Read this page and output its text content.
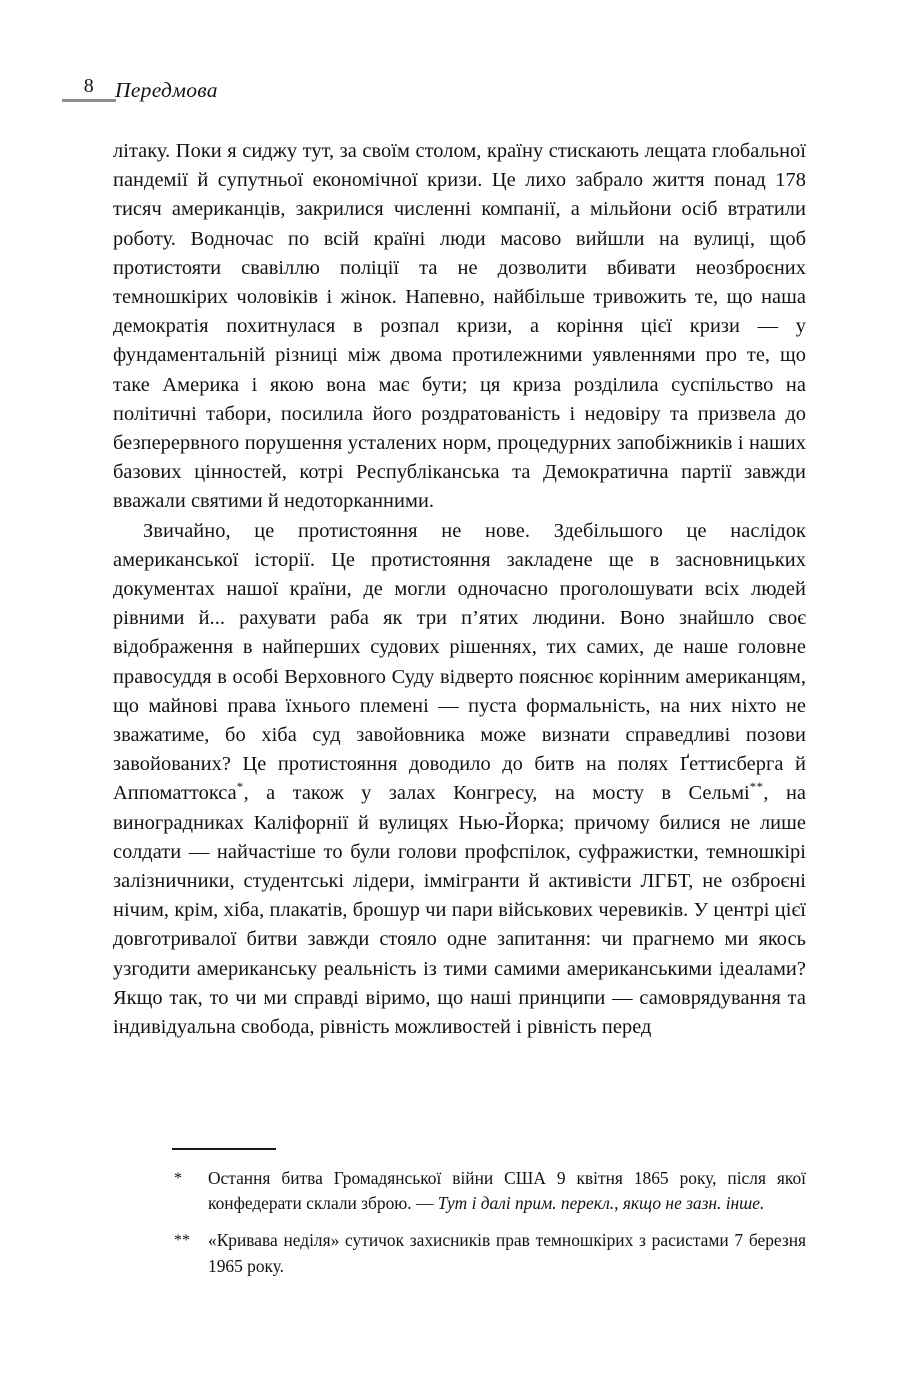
8 Передмова

літаку. Поки я сиджу тут, за своїм столом, країну стискають лещата глобальної пандемії й супутньої економічної кризи. Це лихо забрало життя понад 178 тисяч американців, закрилися численні компанії, а мільйони осіб втратили роботу. Водночас по всій країні люди масово вийшли на вулиці, щоб протистояти свавіллю поліції та не дозволити вбивати неозброєних темношкірих чоловіків і жінок. Напевно, найбільше тривожить те, що наша демократія похитнулася в розпал кризи, а коріння цієї кризи — у фундаментальній різниці між двома протилежними уявленнями про те, що таке Америка і якою вона має бути; ця криза розділила суспільство на політичні табори, посилила його роздратованість і недовіру та призвела до безперервного порушення усталених норм, процедурних запобіжників і наших базових цінностей, котрі Республіканська та Демократична партії завжди вважали святими й недоторканними.

Звичайно, це протистояння не нове. Здебільшого це наслідок американської історії. Це протистояння закладене ще в засновницьких документах нашої країни, де могли одночасно проголошувати всіх людей рівними й... рахувати раба як три п’ятих людини. Воно знайшло своє відображення в найперших судових рішеннях, тих самих, де наше головне правосуддя в особі Верховного Суду відверто пояснює корінним американцям, що майнові права їхнього племені — пуста формальність, на них ніхто не зважатиме, бо хіба суд завойовника може визнати справедливі позови завойованих? Це протистояння доводило до битв на полях Ґеттисберга й Аппоматтокса*, а також у залах Конгресу, на мосту в Сельмі**, на виноградниках Каліфорнії й вулицях Нью-Йорка; причому билися не лише солдати — найчастіше то були голови профспілок, суфражистки, темношкірі залізничники, студентські лідери, іммігранти й активісти ЛГБТ, не озброєні нічим, крім, хіба, плакатів, брошур чи пари військових черевиків. У центрі цієї довготривалої битви завжди стояло одне запитання: чи прагнемо ми якось узгодити американську реальність із тими самими американськими ідеалами? Якщо так, то чи ми справді віримо, що наші принципи — самоврядування та індивідуальна свобода, рівність можливостей і рівність перед

*	Остання битва Громадянської війни США 9 квітня 1865 року, після якої конфедерати склали зброю. — Тут і далі прим. перекл., якщо не зазн. інше.
**	«Кривава неділя» сутичок захисників прав темношкірих з расистами 7 березня 1965 року.
